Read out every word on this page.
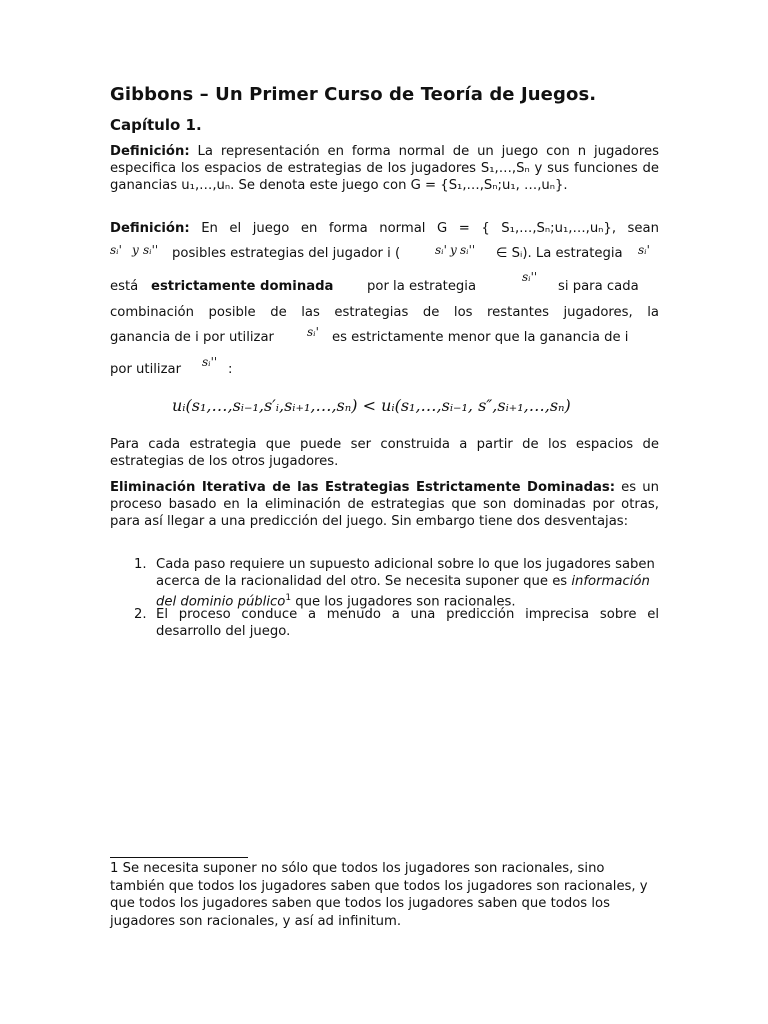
Gibbons – Un Primer Curso de Teoría de Juegos.
Capítulo 1.
Definición: La representación en forma normal de un juego con n jugadores especifica los espacios de estrategias de los jugadores S₁,…,Sₙ y sus funciones de ganancias u₁,…,uₙ. Se denota este juego con G = {S₁,…,Sₙ;u₁, …,uₙ}.
Definición: En el juego en forma normal G = { S₁,…,Sₙ;u₁,…,uₙ}, sean
sᵢ' y sᵢ'' posibles estrategias del jugador i (	sᵢ' y sᵢ'' ∈ Sᵢ). La estrategia sᵢ'
está estrictamente dominada	por la estrategia
sᵢ''
si para cada
combinación posible de las estrategias de los restantes jugadores, la
ganancia de i por utilizar	sᵢ' es estrictamente menor que la ganancia de i
por utilizar sᵢ'' :
uᵢ(s₁,…,sᵢ₋₁,s′ᵢ,sᵢ₊₁,…,sₙ) < uᵢ(s₁,…,sᵢ₋₁, s″,sᵢ₊₁,…,sₙ)
Para cada estrategia que puede ser construida a partir de los espacios de estrategias de los otros jugadores.
Eliminación Iterativa de las Estrategias Estrictamente Dominadas: es un proceso basado en la eliminación de estrategias que son dominadas por otras, para así llegar a una predicción del juego. Sin embargo tiene dos desventajas:
1. Cada paso requiere un supuesto adicional sobre lo que los jugadores saben acerca de la racionalidad del otro. Se necesita suponer que es información del dominio público$^1$ que los jugadores son racionales.
2. El proceso conduce a menudo a una predicción imprecisa sobre el desarrollo del juego.
1 Se necesita suponer no sólo que todos los jugadores son racionales, sino también que todos los jugadores saben que todos los jugadores son racionales, y que todos los jugadores saben que todos los jugadores saben que todos los jugadores son racionales, y así ad infinitum.
